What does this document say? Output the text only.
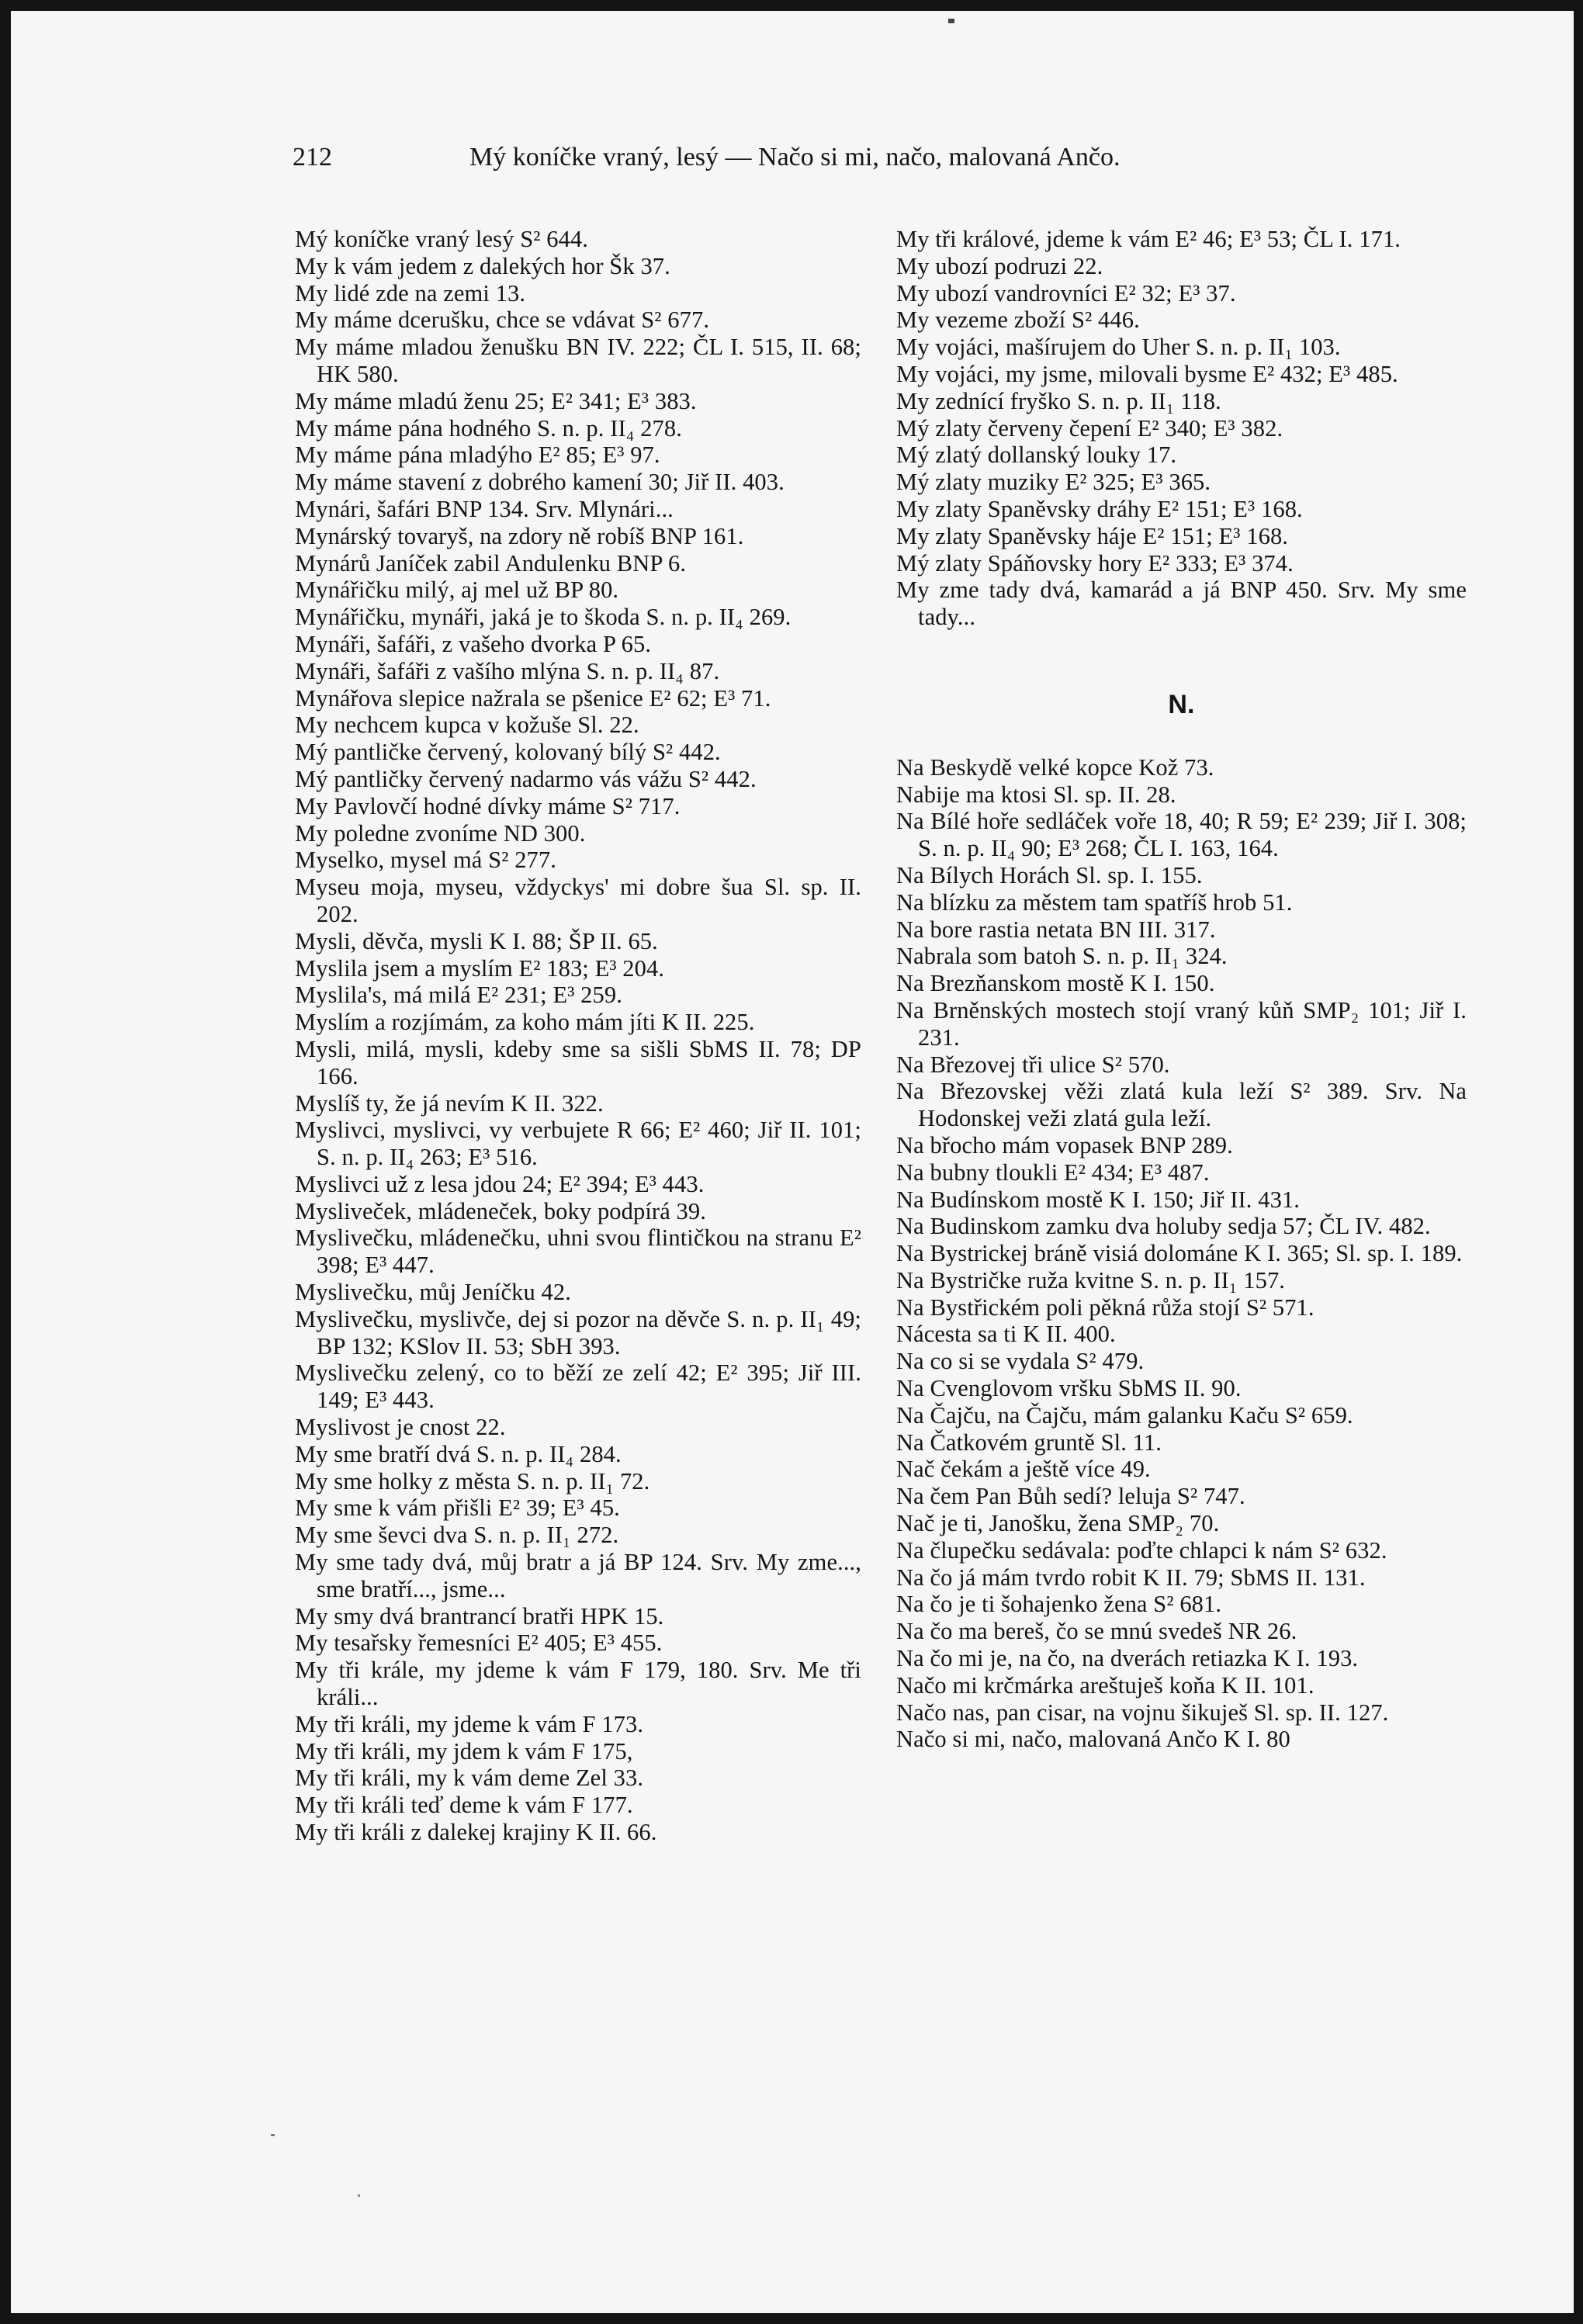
212	Mý koníčke vraný, lesý — Načo si mi, načo, malovaná Ančo.

Mý koníčke vraný lesý S² 644.

My k vám jedem z dalekých hor Šk 37.

My lidé zde na zemi 13.

My máme dcerušku, chce se vdávat S² 677.

My máme mladou ženušku BN IV. 222; ČL I. 515, II. 68; HK 580.

My máme mladú ženu 25; E² 341; E³ 383.

My máme pána hodného S. n. p. II₄ 278.

My máme pána mladýho E² 85; E³ 97.

My máme stavení z dobrého kamení 30; Jiř II. 403.

Mynári, šafári BNP 134. Srv. Mlynári...

Mynárský tovaryš, na zdory ně robíš BNP 161.

Mynárů Janíček zabil Andulenku BNP 6.

Mynářičku milý, aj mel už BP 80.

Mynářičku, mynáři, jaká je to škoda S. n. p. II₄ 269.

Mynáři, šafáři, z vašeho dvorka P 65.

Mynáři, šafáři z vašího mlýna S. n. p. II₄ 87.

Mynářova slepice nažrala se pšenice E² 62; E³ 71.

My nechcem kupca v kožuše Sl. 22.

Mý pantličke červený, kolovaný bílý S² 442.

Mý pantličky červený nadarmo vás vážu S² 442.

My Pavlovčí hodné dívky máme S² 717.

My poledne zvoníme ND 300.

Myselko, mysel má S² 277.

Myseu moja, myseu, vždyckys' mi dobre šua Sl. sp. II. 202.

Mysli, děvča, mysli K I. 88; ŠP II. 65.

Myslila jsem a myslím E² 183; E³ 204.

Myslila's, má milá E² 231; E³ 259.

Myslím a rozjímám, za koho mám jíti K II. 225.

Mysli, milá, mysli, kdeby sme sa sišli SbMS II. 78; DP 166.

Myslíš ty, že já nevím K II. 322.

Myslivci, myslivci, vy verbujete R 66; E² 460; Jiř II. 101; S. n. p. II₄ 263; E³ 516.

Myslivci už z lesa jdou 24; E² 394; E³ 443.

Mysliveček, mládeneček, boky podpírá 39.

Myslivečku, mládenečku, uhni svou flintičkou na stranu E² 398; E³ 447.

Myslivečku, můj Jeníčku 42.

Myslivečku, myslivče, dej si pozor na děvče S. n. p. II₁ 49; BP 132; KSlov II. 53; SbH 393.

Myslivečku zelený, co to běží ze zelí 42; E² 395; Jiř III. 149; E³ 443.

Myslivost je cnost 22.

My sme bratří dvá S. n. p. II₄ 284.

My sme holky z města S. n. p. II₁ 72.

My sme k vám přišli E² 39; E³ 45.

My sme ševci dva S. n. p. II₁ 272.

My sme tady dvá, můj bratr a já BP 124. Srv. My zme..., sme bratří..., jsme...

My smy dvá brantrancí bratři HPK 15.

My tesařsky řemesníci E² 405; E³ 455.

My tři krále, my jdeme k vám F 179, 180. Srv. Me tři králi...

My tři králi, my jdeme k vám F 173.

My tři králi, my jdem k vám F 175,

My tři králi, my k vám deme Zel 33.

My tři králi teď deme k vám F 177.

My tři králi z dalekej krajiny K II. 66.

My tři králové, jdeme k vám E² 46; E³ 53; ČL I. 171.

My ubozí podruzi 22.

My ubozí vandrovníci E² 32; E³ 37.

My vezeme zboží S² 446.

My vojáci, mašírujem do Uher S. n. p. II₁ 103.

My vojáci, my jsme, milovali bysme E² 432; E³ 485.

My zednící fryško S. n. p. II₁ 118.

Mý zlaty červeny čepení E² 340; E³ 382.

Mý zlatý dollanský louky 17.

Mý zlaty muziky E² 325; E³ 365.

My zlaty Spaněvsky dráhy E² 151; E³ 168.

My zlaty Spaněvsky háje E² 151; E³ 168.

Mý zlaty Spáňovsky hory E² 333; E³ 374.

My zme tady dvá, kamarád a já BNP 450. Srv. My sme tady...

N.

Na Beskydě velké kopce Kož 73.

Nabije ma ktosi Sl. sp. II. 28.

Na Bílé hoře sedláček voře 18, 40; R 59; E² 239; Jiř I. 308; S. n. p. II₄ 90; E³ 268; ČL I. 163, 164.

Na Bílych Horách Sl. sp. I. 155.

Na blízku za městem tam spatříš hrob 51.

Na bore rastia netata BN III. 317.

Nabrala som batoh S. n. p. II₁ 324.

Na Brezňanskom mostě K I. 150.

Na Brněnských mostech stojí vraný kůň SMP₂ 101; Jiř I. 231.

Na Březovej tři ulice S² 570.

Na Březovskej věži zlatá kula leží S² 389. Srv. Na Hodonskej veži zlatá gula leží.

Na břocho mám vopasek BNP 289.

Na bubny tloukli E² 434; E³ 487.

Na Budínskom mostě K I. 150; Jiř II. 431.

Na Budinskom zamku dva holuby sedja 57; ČL IV. 482.

Na Bystrickej bráně visiá dolománe K I. 365; Sl. sp. I. 189.

Na Bystričke ruža kvitne S. n. p. II₁ 157.

Na Bystřickém poli pěkná růža stojí S² 571.

Nácesta sa ti K II. 400.

Na co si se vydala S² 479.

Na Cvenglovom vršku SbMS II. 90.

Na Čajču, na Čajču, mám galanku Kaču S² 659.

Na Čatkovém gruntě Sl. 11.

Nač čekám a ještě více 49.

Na čem Pan Bůh sedí? leluja S² 747.

Nač je ti, Janošku, žena SMP₂ 70.

Na člupečku sedávala: poďte chlapci k nám S² 632.

Na čo já mám tvrdo robit K II. 79; SbMS II. 131.

Na čo je ti šohajenko žena S² 681.

Na čo ma bereš, čo se mnú svedeš NR 26.

Na čo mi je, na čo, na dverách retiazka K I. 193.

Načo mi krčmárka areštuješ koňa K II. 101.

Načo nas, pan cisar, na vojnu šikuješ Sl. sp. II. 127.

Načo si mi, načo, malovaná Ančo K I. 80
